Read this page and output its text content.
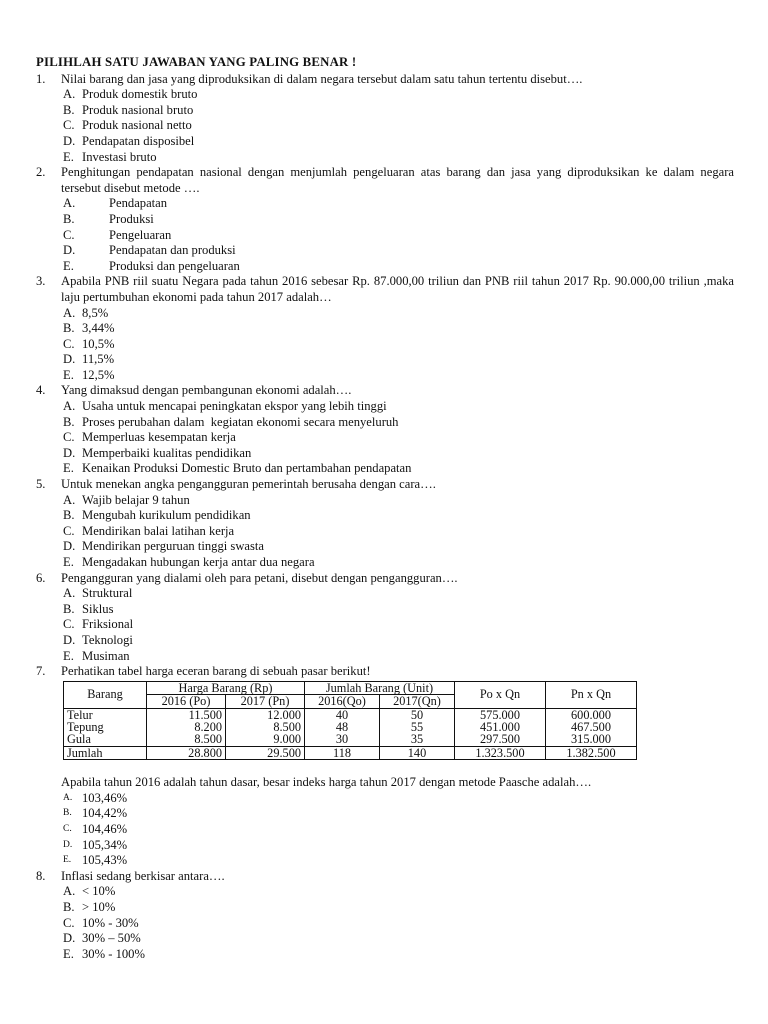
PILIHLAH SATU JAWABAN YANG PALING BENAR !
1. Nilai barang dan jasa yang diproduksikan di dalam negara tersebut dalam satu tahun tertentu disebut….
A. Produk domestik bruto
B. Produk nasional bruto
C. Produk nasional netto
D. Pendapatan disposibel
E. Investasi bruto
2. Penghitungan pendapatan nasional dengan menjumlah pengeluaran atas barang dan jasa yang diproduksikan ke dalam negara tersebut disebut metode ….
A.	Pendapatan
B.	Produksi
C.	Pengeluaran
D.	Pendapatan dan produksi
E.	Produksi dan pengeluaran
3. Apabila PNB riil suatu Negara pada tahun 2016 sebesar Rp. 87.000,00 triliun dan PNB riil tahun 2017 Rp. 90.000,00 triliun ,maka laju pertumbuhan ekonomi pada tahun 2017 adalah…
A. 8,5%
B. 3,44%
C. 10,5%
D. 11,5%
E. 12,5%
4. Yang dimaksud dengan pembangunan ekonomi adalah….
A. Usaha untuk mencapai peningkatan ekspor yang lebih tinggi
B. Proses perubahan dalam  kegiatan ekonomi secara menyeluruh
C. Memperluas kesempatan kerja
D. Memperbaiki kualitas pendidikan
E. Kenaikan Produksi Domestic Bruto dan pertambahan pendapatan
5. Untuk menekan angka pengangguran pemerintah berusaha dengan cara….
A. Wajib belajar 9 tahun
B. Mengubah kurikulum pendidikan
C. Mendirikan balai latihan kerja
D. Mendirikan perguruan tinggi swasta
E. Mengadakan hubungan kerja antar dua negara
6. Pengangguran yang dialami oleh para petani, disebut dengan pengangguran….
A. Struktural
B. Siklus
C. Friksional
D. Teknologi
E. Musiman
7. Perhatikan tabel harga eceran barang di sebuah pasar berikut!
Barang	Harga Barang (Rp)		Jumlah Barang (Unit)		Po x Qn	Pn x Qn
	2016 (Po)	2017 (Pn)	2016(Qo)	2017(Qn)		
Telur	11.500	12.000	40	50	575.000	600.000
Tepung	8.200	8.500	48	55	451.000	467.500
Gula	8.500	9.000	30	35	297.500	315.000
Jumlah	28.800	29.500	118	140	1.323.500	1.382.500
Apabila tahun 2016 adalah tahun dasar, besar indeks harga tahun 2017 dengan metode Paasche adalah….
A. 103,46%
B. 104,42%
C. 104,46%
D. 105,34%
E. 105,43%
8. Inflasi sedang berkisar antara….
A. < 10%
B. > 10%
C. 10% - 30%
D. 30% – 50%
E. 30% - 100%
